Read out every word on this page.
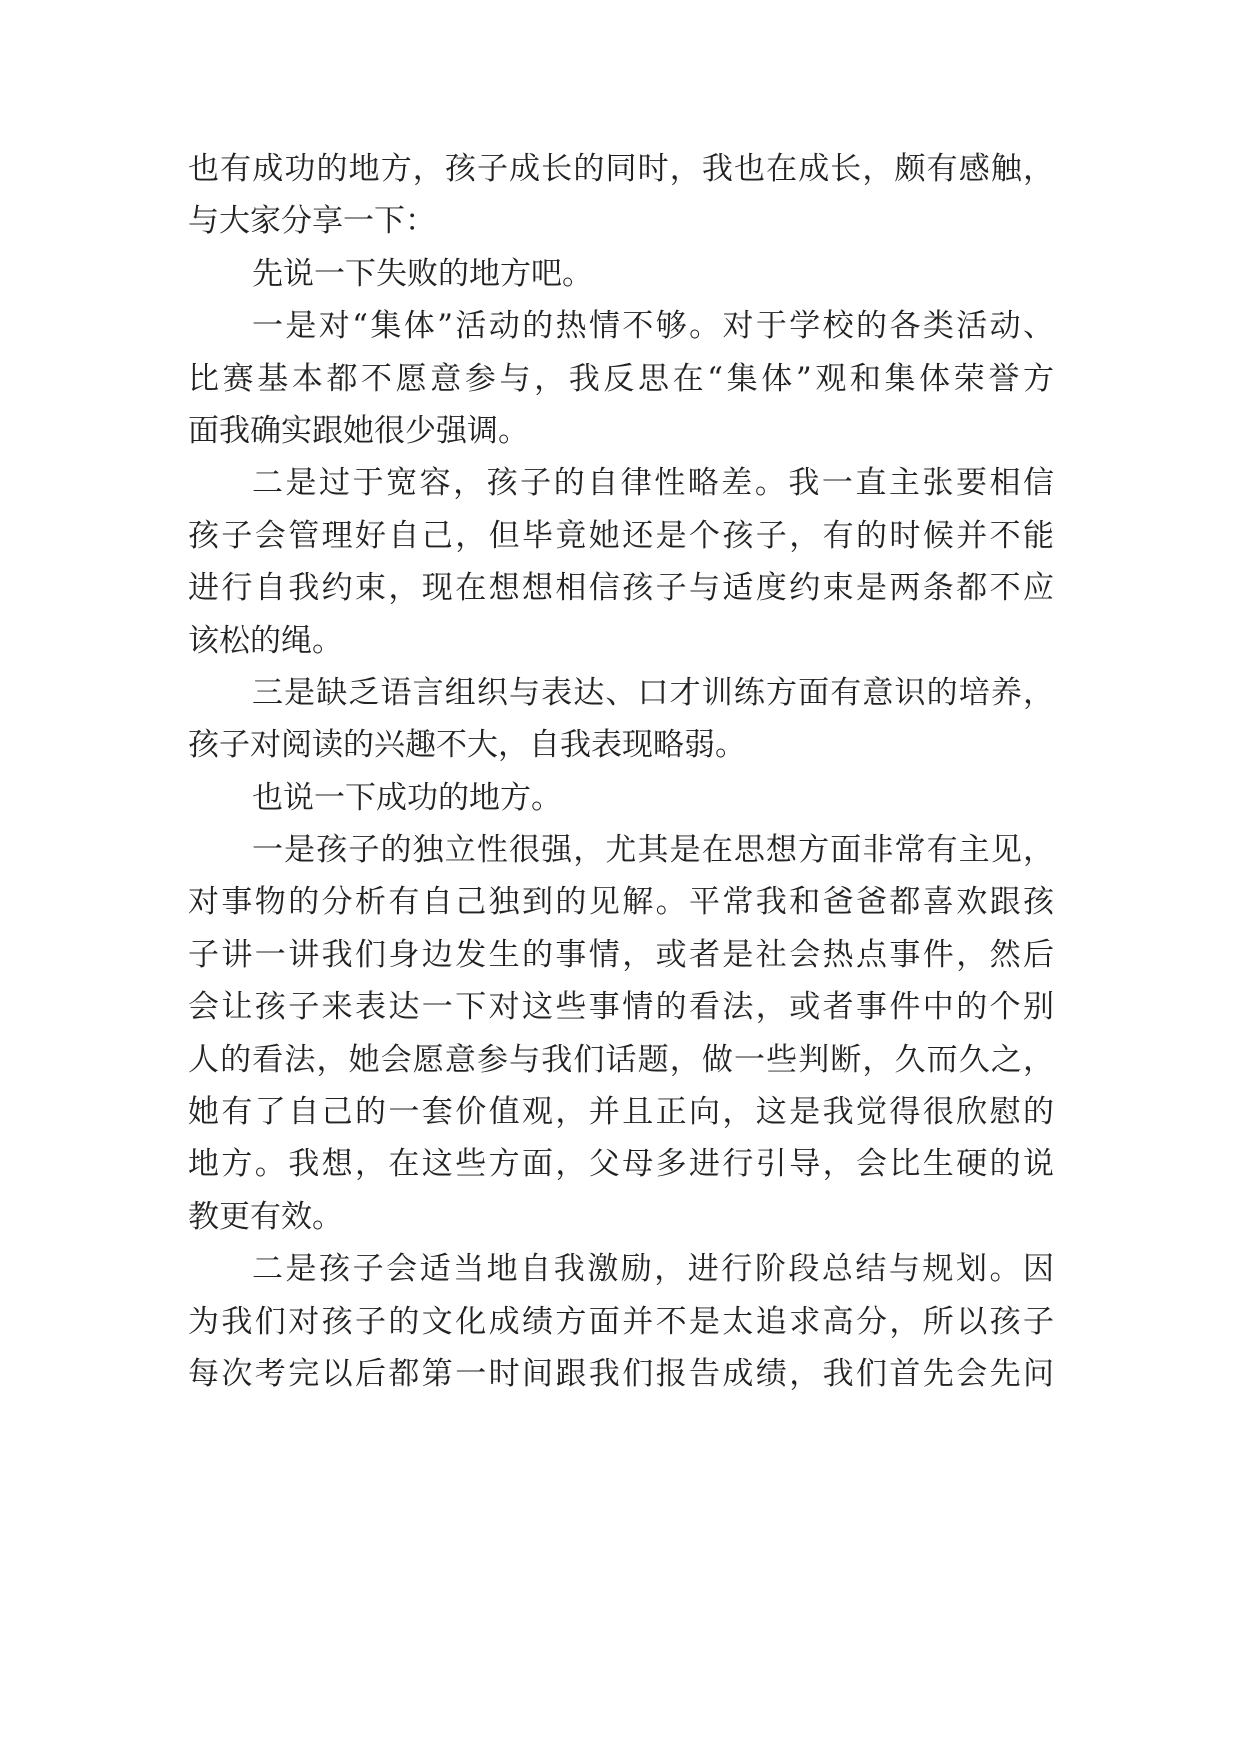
也有成功的地方，孩子成长的同时，我也在成长，颇有感触，
与大家分享一下：
先说一下失败的地方吧。
一是对“集体”活动的热情不够。对于学校的各类活动、
比赛基本都不愿意参与，我反思在“集体”观和集体荣誉方
面我确实跟她很少强调。
二是过于宽容，孩子的自律性略差。我一直主张要相信
孩子会管理好自己，但毕竟她还是个孩子，有的时候并不能
进行自我约束，现在想想相信孩子与适度约束是两条都不应
该松的绳。
三是缺乏语言组织与表达、口才训练方面有意识的培养，
孩子对阅读的兴趣不大，自我表现略弱。
也说一下成功的地方。
一是孩子的独立性很强，尤其是在思想方面非常有主见，
对事物的分析有自己独到的见解。平常我和爸爸都喜欢跟孩
子讲一讲我们身边发生的事情，或者是社会热点事件，然后
会让孩子来表达一下对这些事情的看法，或者事件中的个别
人的看法，她会愿意参与我们话题，做一些判断，久而久之，
她有了自己的一套价值观，并且正向，这是我觉得很欣慰的
地方。我想，在这些方面，父母多进行引导，会比生硬的说
教更有效。
二是孩子会适当地自我激励，进行阶段总结与规划。因
为我们对孩子的文化成绩方面并不是太追求高分，所以孩子
每次考完以后都第一时间跟我们报告成绩，我们首先会先问
